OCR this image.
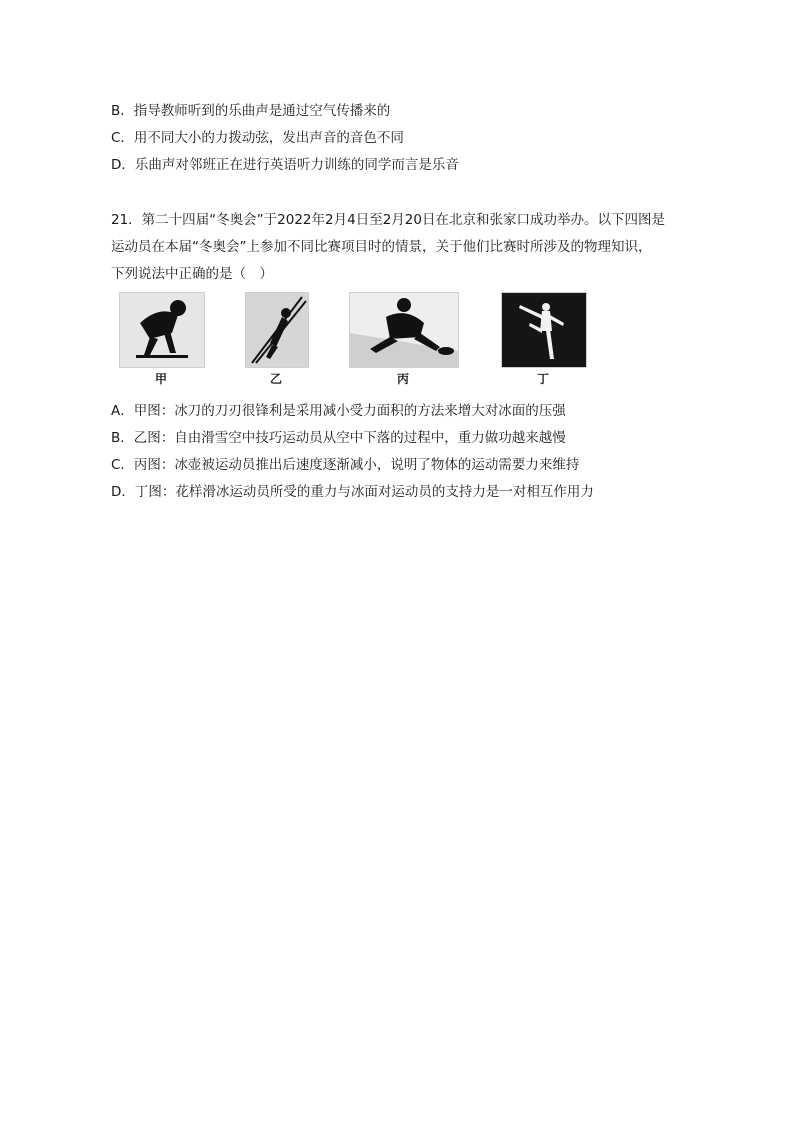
B．指导教师听到的乐曲声是通过空气传播来的
C．用不同大小的力拨动弦，发出声音的音色不同
D．乐曲声对邻班正在进行英语听力训练的同学而言是乐音
21．第二十四届“冬奥会”于2022年2月4日至2月20日在北京和张家口成功举办。以下四图是
运动员在本届“冬奥会”上参加不同比赛项目时的情景，关于他们比赛时所涉及的物理知识，
下列说法中正确的是（　）
甲	乙	丙	丁
A．甲图：冰刀的刀刃很锋利是采用减小受力面积的方法来增大对冰面的压强
B．乙图：自由滑雪空中技巧运动员从空中下落的过程中，重力做功越来越慢
C．丙图：冰壶被运动员推出后速度逐渐减小，说明了物体的运动需要力来维持
D．丁图：花样滑冰运动员所受的重力与冰面对运动员的支持力是一对相互作用力
